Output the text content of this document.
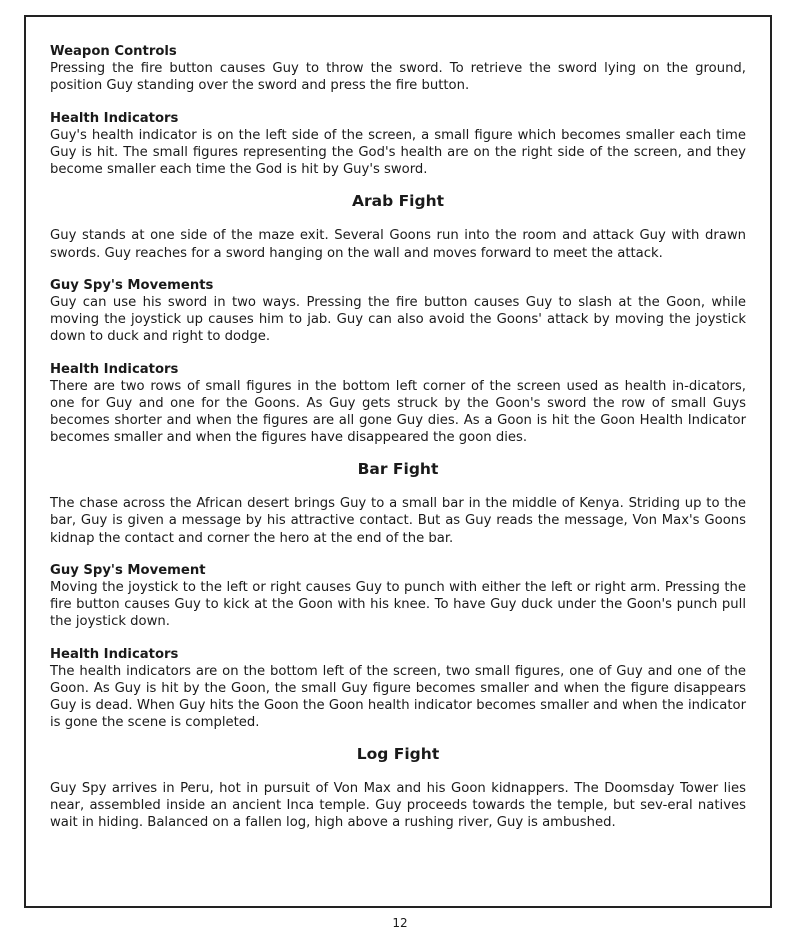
Weapon Controls

Pressing the fire button causes Guy to throw the sword. To retrieve the sword lying on the ground, position Guy standing over the sword and press the fire button.

Health Indicators

Guy's health indicator is on the left side of the screen, a small figure which becomes smaller each time Guy is hit. The small figures representing the God's health are on the right side of the screen, and they become smaller each time the God is hit by Guy's sword.

Arab Fight

Guy stands at one side of the maze exit. Several Goons run into the room and attack Guy with drawn swords. Guy reaches for a sword hanging on the wall and moves forward to meet the attack.

Guy Spy's Movements

Guy can use his sword in two ways. Pressing the fire button causes Guy to slash at the Goon, while moving the joystick up causes him to jab. Guy can also avoid the Goons' attack by moving the joystick down to duck and right to dodge.

Health Indicators

There are two rows of small figures in the bottom left corner of the screen used as health in-dicators, one for Guy and one for the Goons. As Guy gets struck by the Goon's sword the row of small Guys becomes shorter and when the figures are all gone Guy dies. As a Goon is hit the Goon Health Indicator becomes smaller and when the figures have disappeared the goon dies.

Bar Fight

The chase across the African desert brings Guy to a small bar in the middle of Kenya. Striding up to the bar, Guy is given a message by his attractive contact. But as Guy reads the message, Von Max's Goons kidnap the contact and corner the hero at the end of the bar.

Guy Spy's Movement

Moving the joystick to the left or right causes Guy to punch with either the left or right arm. Pressing the fire button causes Guy to kick at the Goon with his knee. To have Guy duck under the Goon's punch pull the joystick down.

Health Indicators

The health indicators are on the bottom left of the screen, two small figures, one of Guy and one of the Goon. As Guy is hit by the Goon, the small Guy figure becomes smaller and when the figure disappears Guy is dead. When Guy hits the Goon the Goon health indicator becomes smaller and when the indicator is gone the scene is completed.

Log Fight

Guy Spy arrives in Peru, hot in pursuit of Von Max and his Goon kidnappers. The Doomsday Tower lies near, assembled inside an ancient Inca temple. Guy proceeds towards the temple, but sev-eral natives wait in hiding. Balanced on a fallen log, high above a rushing river, Guy is ambushed.

12
